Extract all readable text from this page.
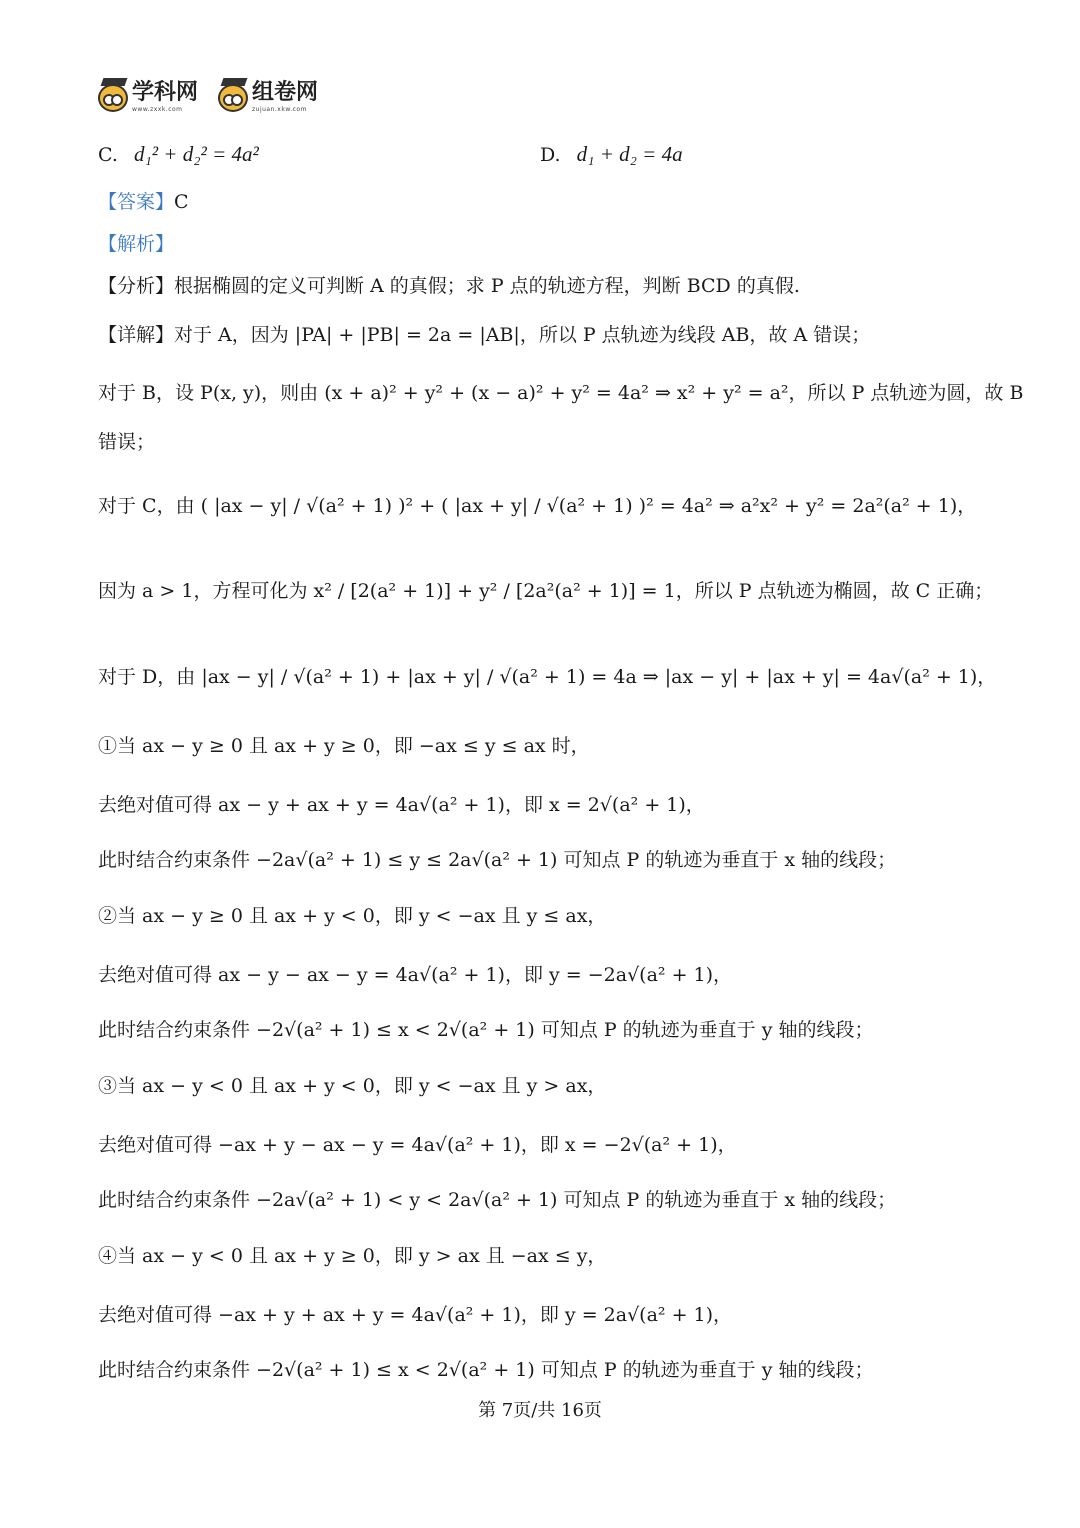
学科网
www.zxxk.com
组卷网
zujuan.xkw.com
C. d₁² + d₂² = 4a²	D. d₁ + d₂ = 4a
【答案】C
【解析】
【分析】根据椭圆的定义可判断 A 的真假；求 P 点的轨迹方程，判断 BCD 的真假.
【详解】对于 A，因为 |PA| + |PB| = 2a = |AB|，所以 P 点轨迹为线段 AB，故 A 错误；
对于 B，设 P(x, y)，则由 (x + a)² + y² + (x − a)² + y² = 4a² ⇒ x² + y² = a²，所以 P 点轨迹为圆，故 B
错误；
对于 C，由 ( |ax − y| / √(a² + 1) )² + ( |ax + y| / √(a² + 1) )² = 4a² ⇒ a²x² + y² = 2a²(a² + 1)，
因为 a > 1，方程可化为 x² / [2(a² + 1)] + y² / [2a²(a² + 1)] = 1，所以 P 点轨迹为椭圆，故 C 正确；
对于 D，由 |ax − y| / √(a² + 1) + |ax + y| / √(a² + 1) = 4a ⇒ |ax − y| + |ax + y| = 4a√(a² + 1)，
①当 ax − y ≥ 0 且 ax + y ≥ 0，即 −ax ≤ y ≤ ax 时，
去绝对值可得 ax − y + ax + y = 4a√(a² + 1)，即 x = 2√(a² + 1)，
此时结合约束条件 −2a√(a² + 1) ≤ y ≤ 2a√(a² + 1) 可知点 P 的轨迹为垂直于 x 轴的线段；
②当 ax − y ≥ 0 且 ax + y < 0，即 y < −ax 且 y ≤ ax，
去绝对值可得 ax − y − ax − y = 4a√(a² + 1)，即 y = −2a√(a² + 1)，
此时结合约束条件 −2√(a² + 1) ≤ x < 2√(a² + 1) 可知点 P 的轨迹为垂直于 y 轴的线段；
③当 ax − y < 0 且 ax + y < 0，即 y < −ax 且 y > ax，
去绝对值可得 −ax + y − ax − y = 4a√(a² + 1)，即 x = −2√(a² + 1)，
此时结合约束条件 −2a√(a² + 1) < y < 2a√(a² + 1) 可知点 P 的轨迹为垂直于 x 轴的线段；
④当 ax − y < 0 且 ax + y ≥ 0，即 y > ax 且 −ax ≤ y，
去绝对值可得 −ax + y + ax + y = 4a√(a² + 1)，即 y = 2a√(a² + 1)，
此时结合约束条件 −2√(a² + 1) ≤ x < 2√(a² + 1) 可知点 P 的轨迹为垂直于 y 轴的线段；
第 7页/共 16页
